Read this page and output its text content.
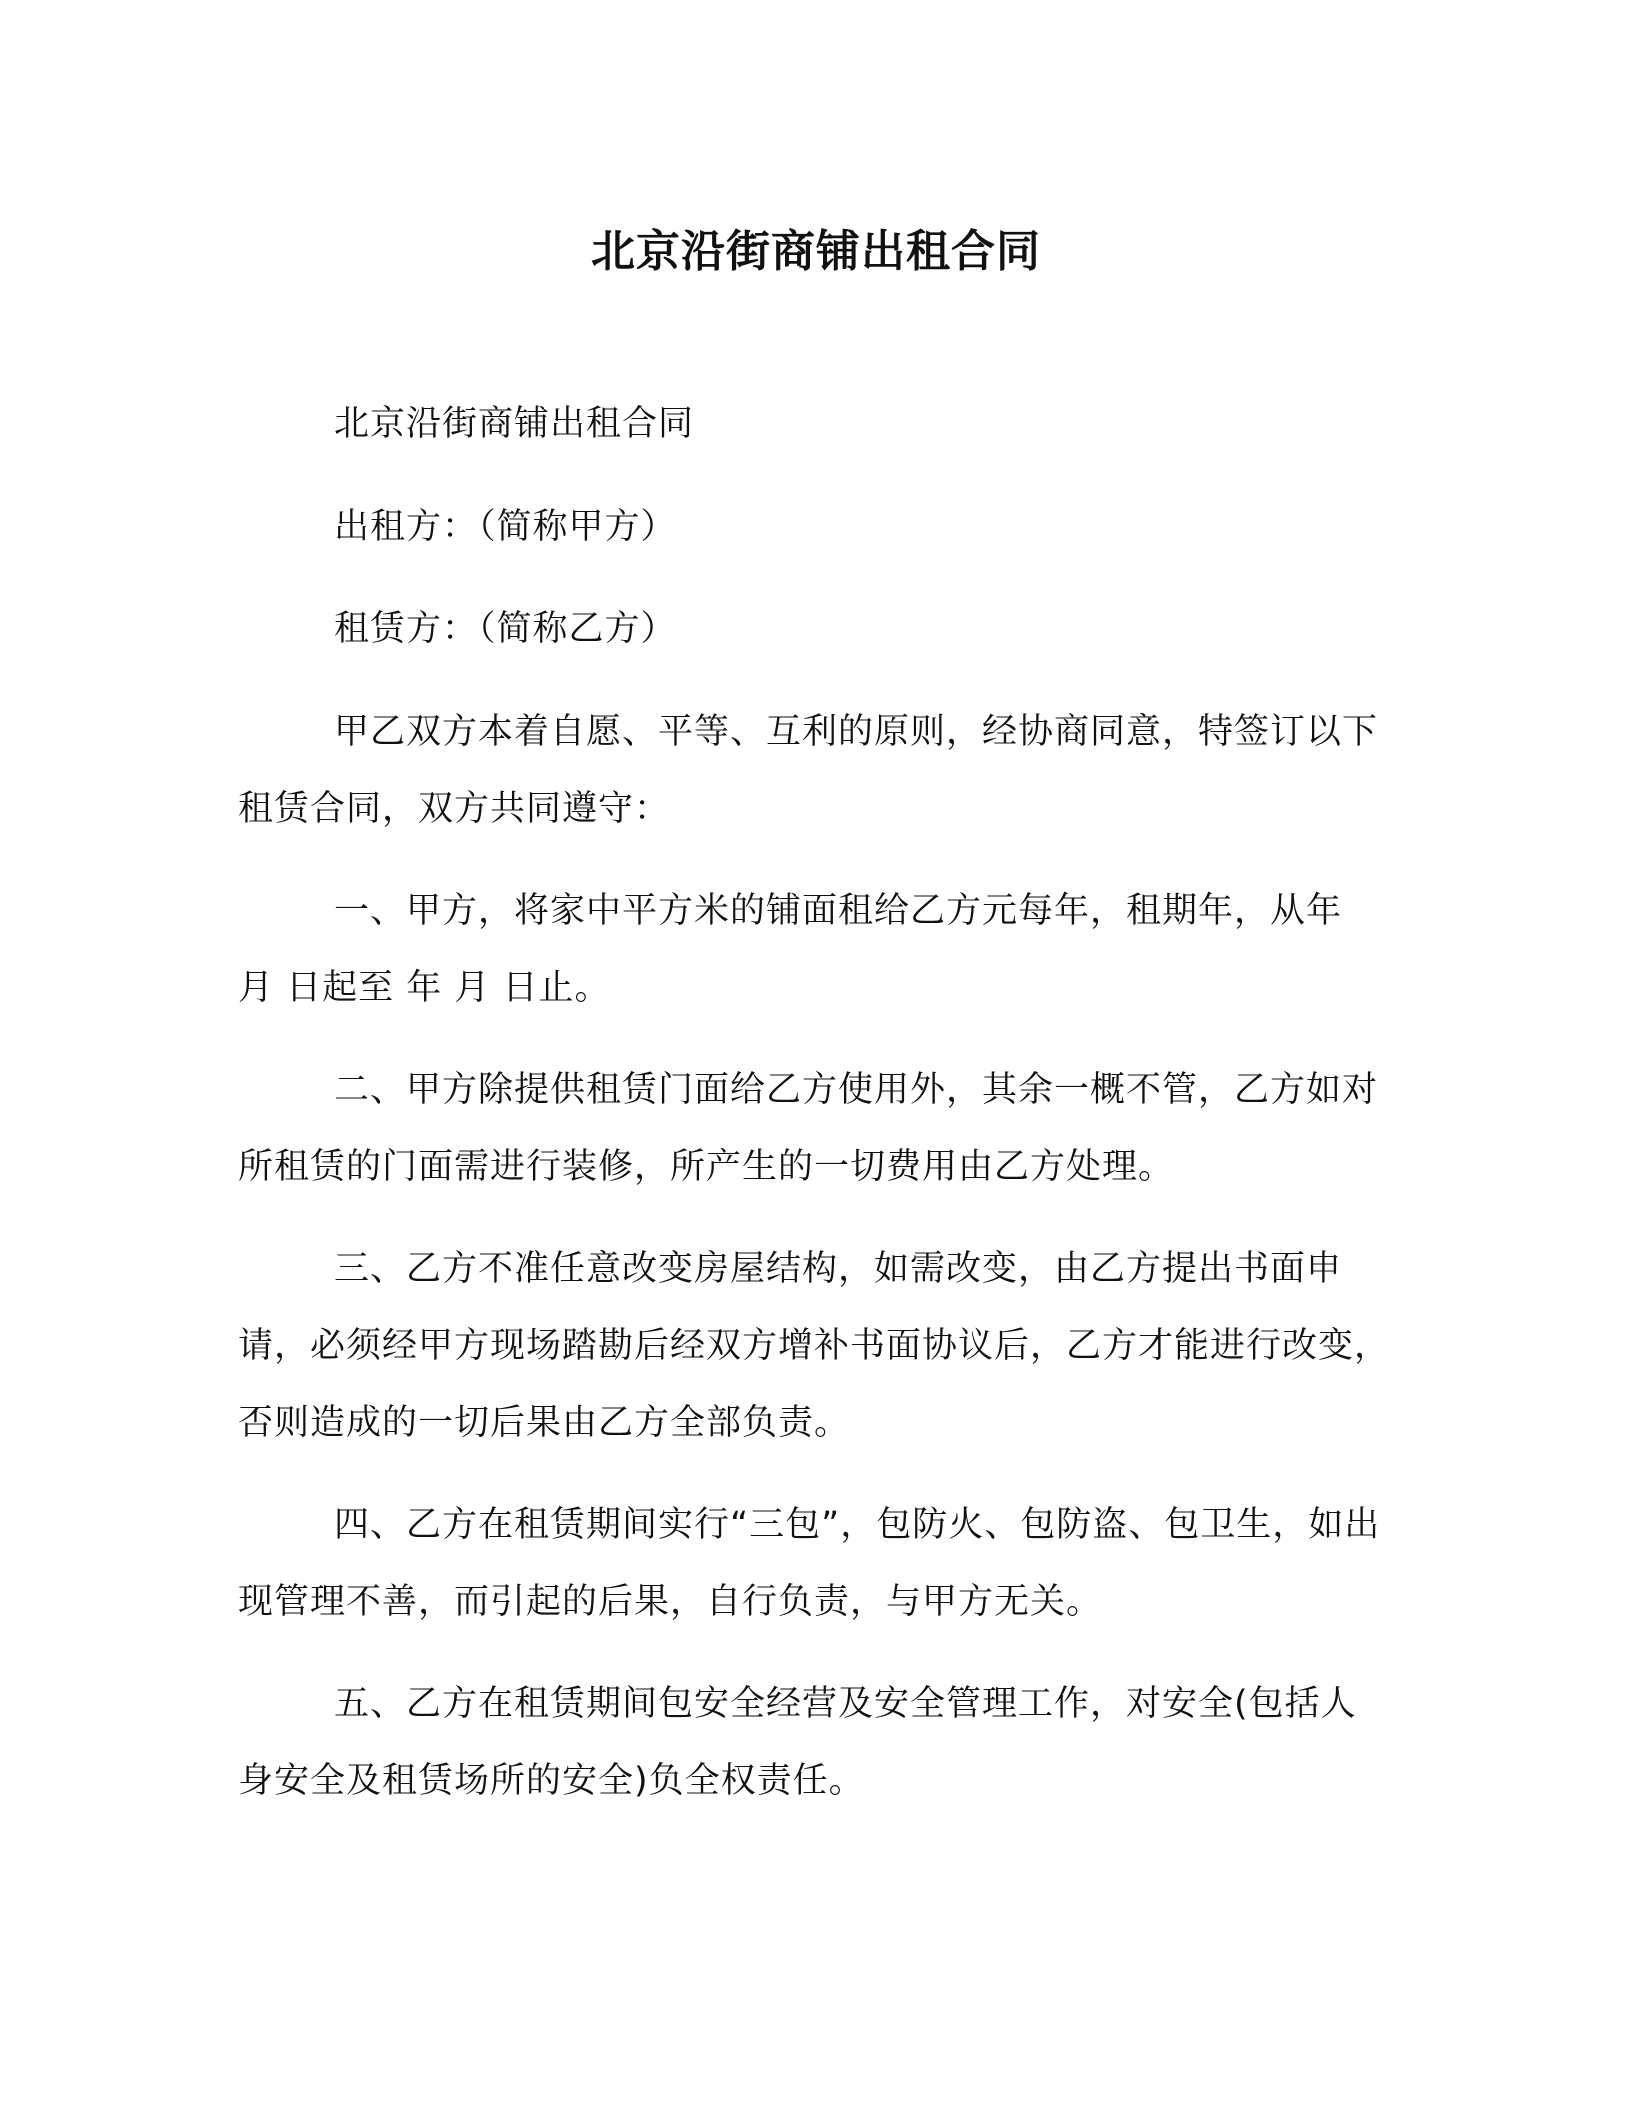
北京沿街商铺出租合同

北京沿街商铺出租合同

出租方：（简称甲方）

租赁方：（简称乙方）

甲乙双方本着自愿、平等、互利的原则，经协商同意，特签订以下租赁合同，双方共同遵守：

一、甲方，将家中平方米的铺面租给乙方元每年，租期年，从年 月 日起至 年 月 日止。

二、甲方除提供租赁门面给乙方使用外，其余一概不管，乙方如对所租赁的门面需进行装修，所产生的一切费用由乙方处理。

三、乙方不准任意改变房屋结构，如需改变，由乙方提出书面申请，必须经甲方现场踏勘后经双方增补书面协议后，乙方才能进行改变，否则造成的一切后果由乙方全部负责。

四、乙方在租赁期间实行“三包”，包防火、包防盗、包卫生，如出现管理不善，而引起的后果，自行负责，与甲方无关。

五、乙方在租赁期间包安全经营及安全管理工作，对安全(包括人身安全及租赁场所的安全)负全权责任。
